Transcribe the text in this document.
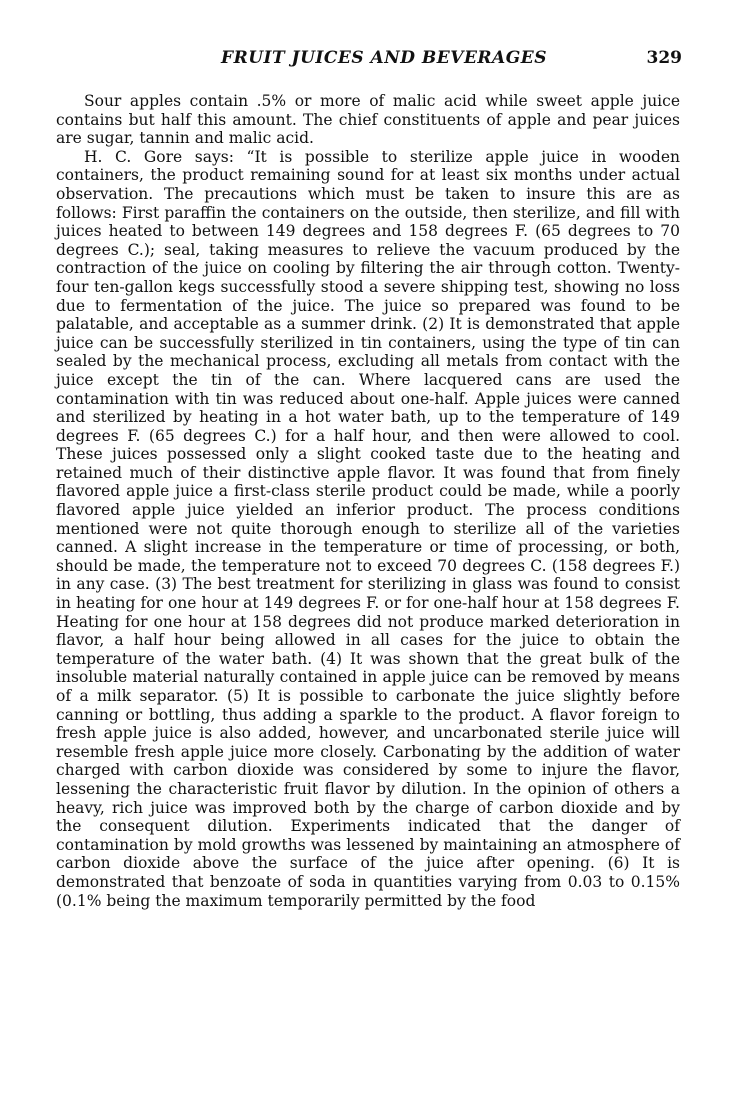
FRUIT JUICES AND BEVERAGES	329

Sour apples contain .5% or more of malic acid while sweet apple juice contains but half this amount. The chief constituents of apple and pear juices are sugar, tannin and malic acid.

H. C. Gore says: “It is possible to sterilize apple juice in wooden containers, the product remaining sound for at least six months under actual observation. The precautions which must be taken to insure this are as follows: First paraffin the containers on the outside, then sterilize, and fill with juices heated to between 149 degrees and 158 degrees F. (65 degrees to 70 degrees C.); seal, taking measures to relieve the vacuum produced by the contraction of the juice on cooling by filtering the air through cotton. Twenty-four ten-gallon kegs successfully stood a severe shipping test, showing no loss due to fermentation of the juice. The juice so prepared was found to be palatable, and acceptable as a summer drink. (2) It is demonstrated that apple juice can be successfully sterilized in tin containers, using the type of tin can sealed by the mechanical process, excluding all metals from contact with the juice except the tin of the can. Where lacquered cans are used the contamination with tin was reduced about one-half. Apple juices were canned and sterilized by heating in a hot water bath, up to the temperature of 149 degrees F. (65 degrees C.) for a half hour, and then were allowed to cool. These juices possessed only a slight cooked taste due to the heating and retained much of their distinctive apple flavor. It was found that from finely flavored apple juice a first-class sterile product could be made, while a poorly flavored apple juice yielded an inferior product. The process conditions mentioned were not quite thorough enough to sterilize all of the varieties canned. A slight increase in the temperature or time of processing, or both, should be made, the temperature not to exceed 70 degrees C. (158 degrees F.) in any case. (3) The best treatment for sterilizing in glass was found to consist in heating for one hour at 149 degrees F. or for one-half hour at 158 degrees F. Heating for one hour at 158 degrees did not produce marked deterioration in flavor, a half hour being allowed in all cases for the juice to obtain the temperature of the water bath. (4) It was shown that the great bulk of the insoluble material naturally contained in apple juice can be removed by means of a milk separator. (5) It is possible to carbonate the juice slightly before canning or bottling, thus adding a sparkle to the product. A flavor foreign to fresh apple juice is also added, however, and uncarbonated sterile juice will resemble fresh apple juice more closely. Carbonating by the addition of water charged with carbon dioxide was considered by some to injure the flavor, lessening the characteristic fruit flavor by dilution. In the opinion of others a heavy, rich juice was improved both by the charge of carbon dioxide and by the consequent dilution. Experiments indicated that the danger of contamination by mold growths was lessened by maintaining an atmosphere of carbon dioxide above the surface of the juice after opening. (6) It is demonstrated that benzoate of soda in quantities varying from 0.03 to 0.15% (0.1% being the maximum temporarily permitted by the food
